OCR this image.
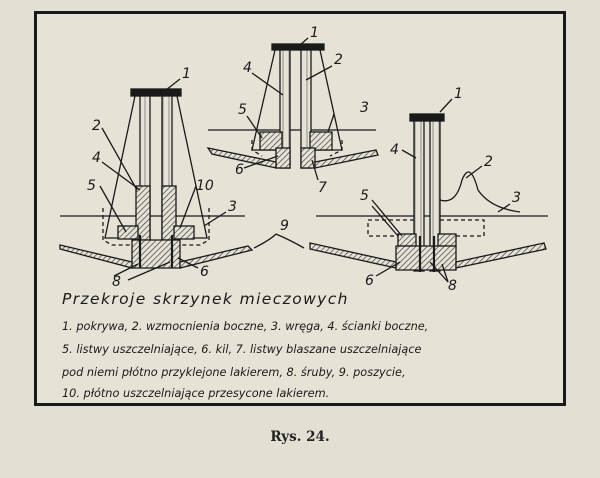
1
2
4
5	10
3
8
6
1
4	2
5	3
6
7
1
4
2
5	3
6	8
9
Przekroje skrzynek mieczowych
1. pokrywa, 2. wzmocnienia boczne, 3. wręga, 4. ścianki boczne,
5. listwy uszczelniające, 6. kil, 7. listwy blaszane uszczelniające
pod niemi płótno przyklejone lakierem, 8. śruby, 9. poszycie,
10. płótno uszczelniające przesycone lakierem.
Rys. 24.
